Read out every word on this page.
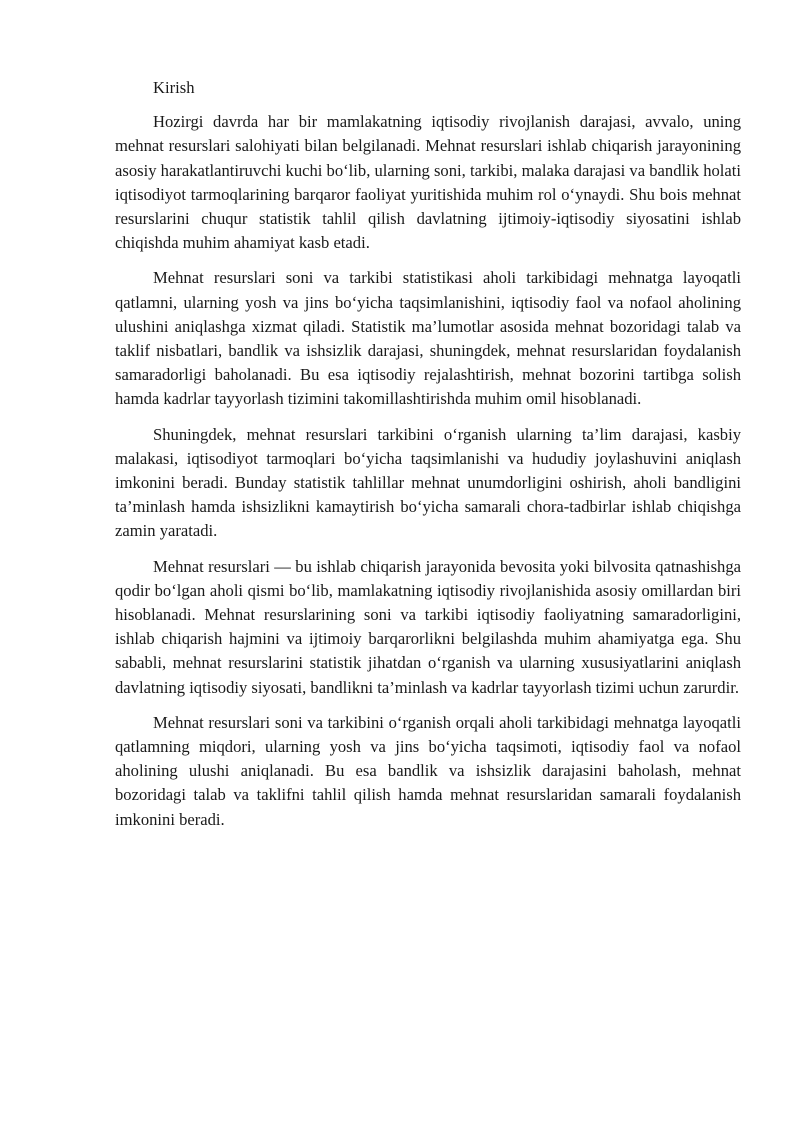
Kirish

Hozirgi davrda har bir mamlakatning iqtisodiy rivojlanish darajasi, avvalo, uning mehnat resurslari salohiyati bilan belgilanadi. Mehnat resurslari ishlab chiqarish jarayonining asosiy harakatlantiruvchi kuchi bo‘lib, ularning soni, tarkibi, malaka darajasi va bandlik holati iqtisodiyot tarmoqlarining barqaror faoliyat yuritishida muhim rol o‘ynaydi. Shu bois mehnat resurslarini chuqur statistik tahlil qilish davlatning ijtimoiy-iqtisodiy siyosatini ishlab chiqishda muhim ahamiyat kasb etadi.

Mehnat resurslari soni va tarkibi statistikasi aholi tarkibidagi mehnatga layoqatli qatlamni, ularning yosh va jins bo‘yicha taqsimlanishini, iqtisodiy faol va nofaol aholining ulushini aniqlashga xizmat qiladi. Statistik ma’lumotlar asosida mehnat bozoridagi talab va taklif nisbatlari, bandlik va ishsizlik darajasi, shuningdek, mehnat resurslaridan foydalanish samaradorligi baholanadi. Bu esa iqtisodiy rejalashtirish, mehnat bozorini tartibga solish hamda kadrlar tayyorlash tizimini takomillashtirishda muhim omil hisoblanadi.

Shuningdek, mehnat resurslari tarkibini o‘rganish ularning ta’lim darajasi, kasbiy malakasi, iqtisodiyot tarmoqlari bo‘yicha taqsimlanishi va hududiy joylashuvini aniqlash imkonini beradi. Bunday statistik tahlillar mehnat unumdorligini oshirish, aholi bandligini ta’minlash hamda ishsizlikni kamaytirish bo‘yicha samarali chora-tadbirlar ishlab chiqishga zamin yaratadi.

Mehnat resurslari — bu ishlab chiqarish jarayonida bevosita yoki bilvosita qatnashishga qodir bo‘lgan aholi qismi bo‘lib, mamlakatning iqtisodiy rivojlanishida asosiy omillardan biri hisoblanadi. Mehnat resurslarining soni va tarkibi iqtisodiy faoliyatning samaradorligini, ishlab chiqarish hajmini va ijtimoiy barqarorlikni belgilashda muhim ahamiyatga ega. Shu sababli, mehnat resurslarini statistik jihatdan o‘rganish va ularning xususiyatlarini aniqlash davlatning iqtisodiy siyosati, bandlikni ta’minlash va kadrlar tayyorlash tizimi uchun zarurdir.

Mehnat resurslari soni va tarkibini o‘rganish orqali aholi tarkibidagi mehnatga layoqatli qatlamning miqdori, ularning yosh va jins bo‘yicha taqsimoti, iqtisodiy faol va nofaol aholining ulushi aniqlanadi. Bu esa bandlik va ishsizlik darajasini baholash, mehnat bozoridagi talab va taklifni tahlil qilish hamda mehnat resurslaridan samarali foydalanish imkonini beradi.
